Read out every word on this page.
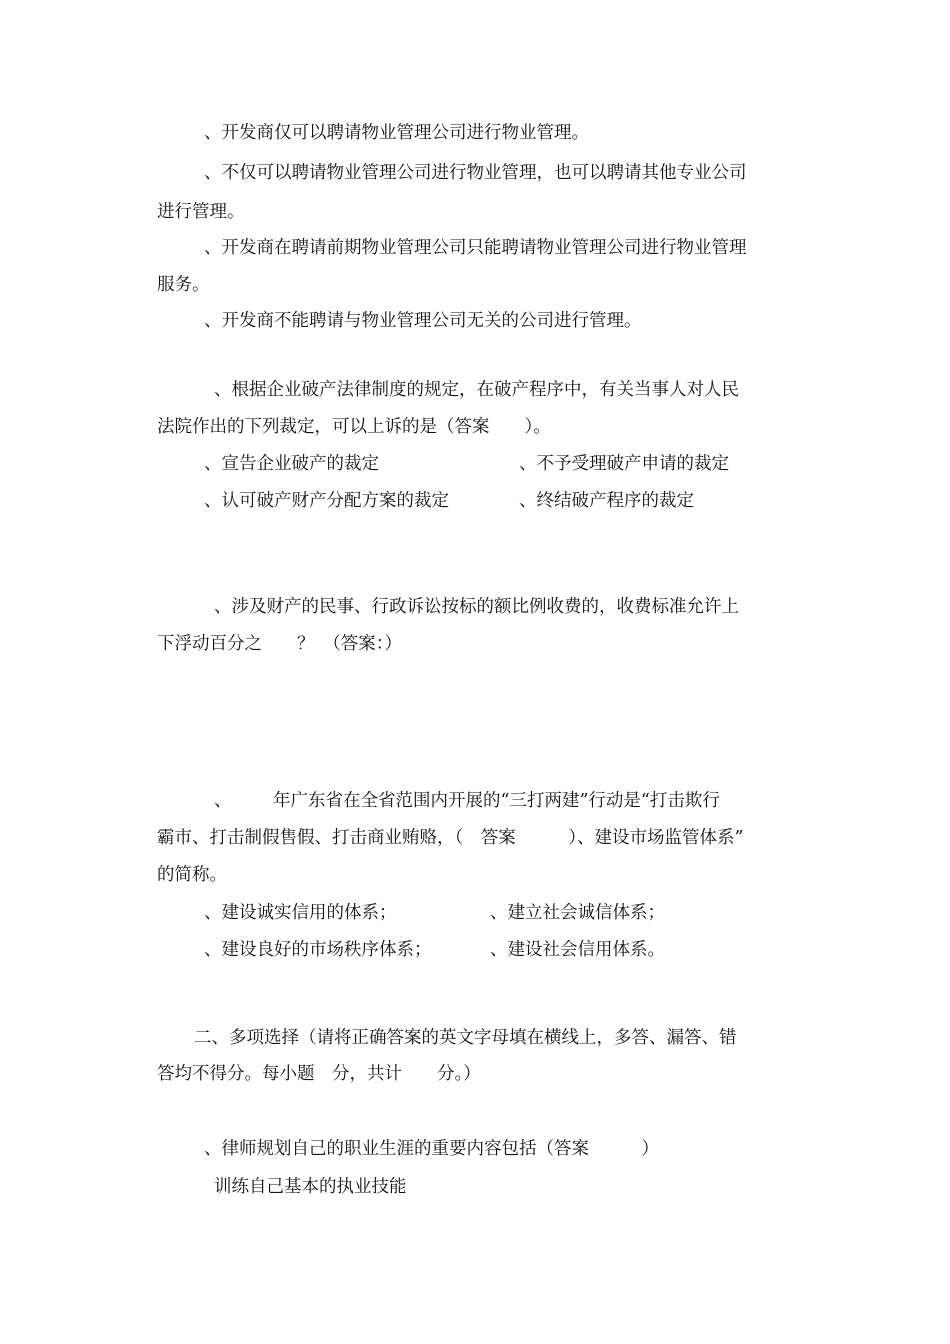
、开发商仅可以聘请物业管理公司进行物业管理。

、不仅可以聘请物业管理公司进行物业管理，也可以聘请其他专业公司

进行管理。

、开发商在聘请前期物业管理公司只能聘请物业管理公司进行物业管理

服务。

、开发商不能聘请与物业管理公司无关的公司进行管理。

、根据企业破产法律制度的规定，在破产程序中，有关当事人对人民

法院作出的下列裁定，可以上诉的是（答案　　）。

、宣告企业破产的裁定	、不予受理破产申请的裁定

、认可破产财产分配方案的裁定	、终结破产程序的裁定

、涉及财产的民事、行政诉讼按标的额比例收费的，收费标准允许上

下浮动百分之　　？　（答案：）

、 年广东省在全省范围内开展的“三打两建”行动是“打击欺行

霸市、打击制假售假、打击商业贿赂，（　答案　　　）、建设市场监管体系”

的简称。

、建设诚实信用的体系；	、建立社会诚信体系；

、建设良好的市场秩序体系；	、建设社会信用体系。

二、多项选择（请将正确答案的英文字母填在横线上，多答、漏答、错

答均不得分。每小题　分，共计　　分。）

、律师规划自己的职业生涯的重要内容包括（答案　　　）

训练自己基本的执业技能
